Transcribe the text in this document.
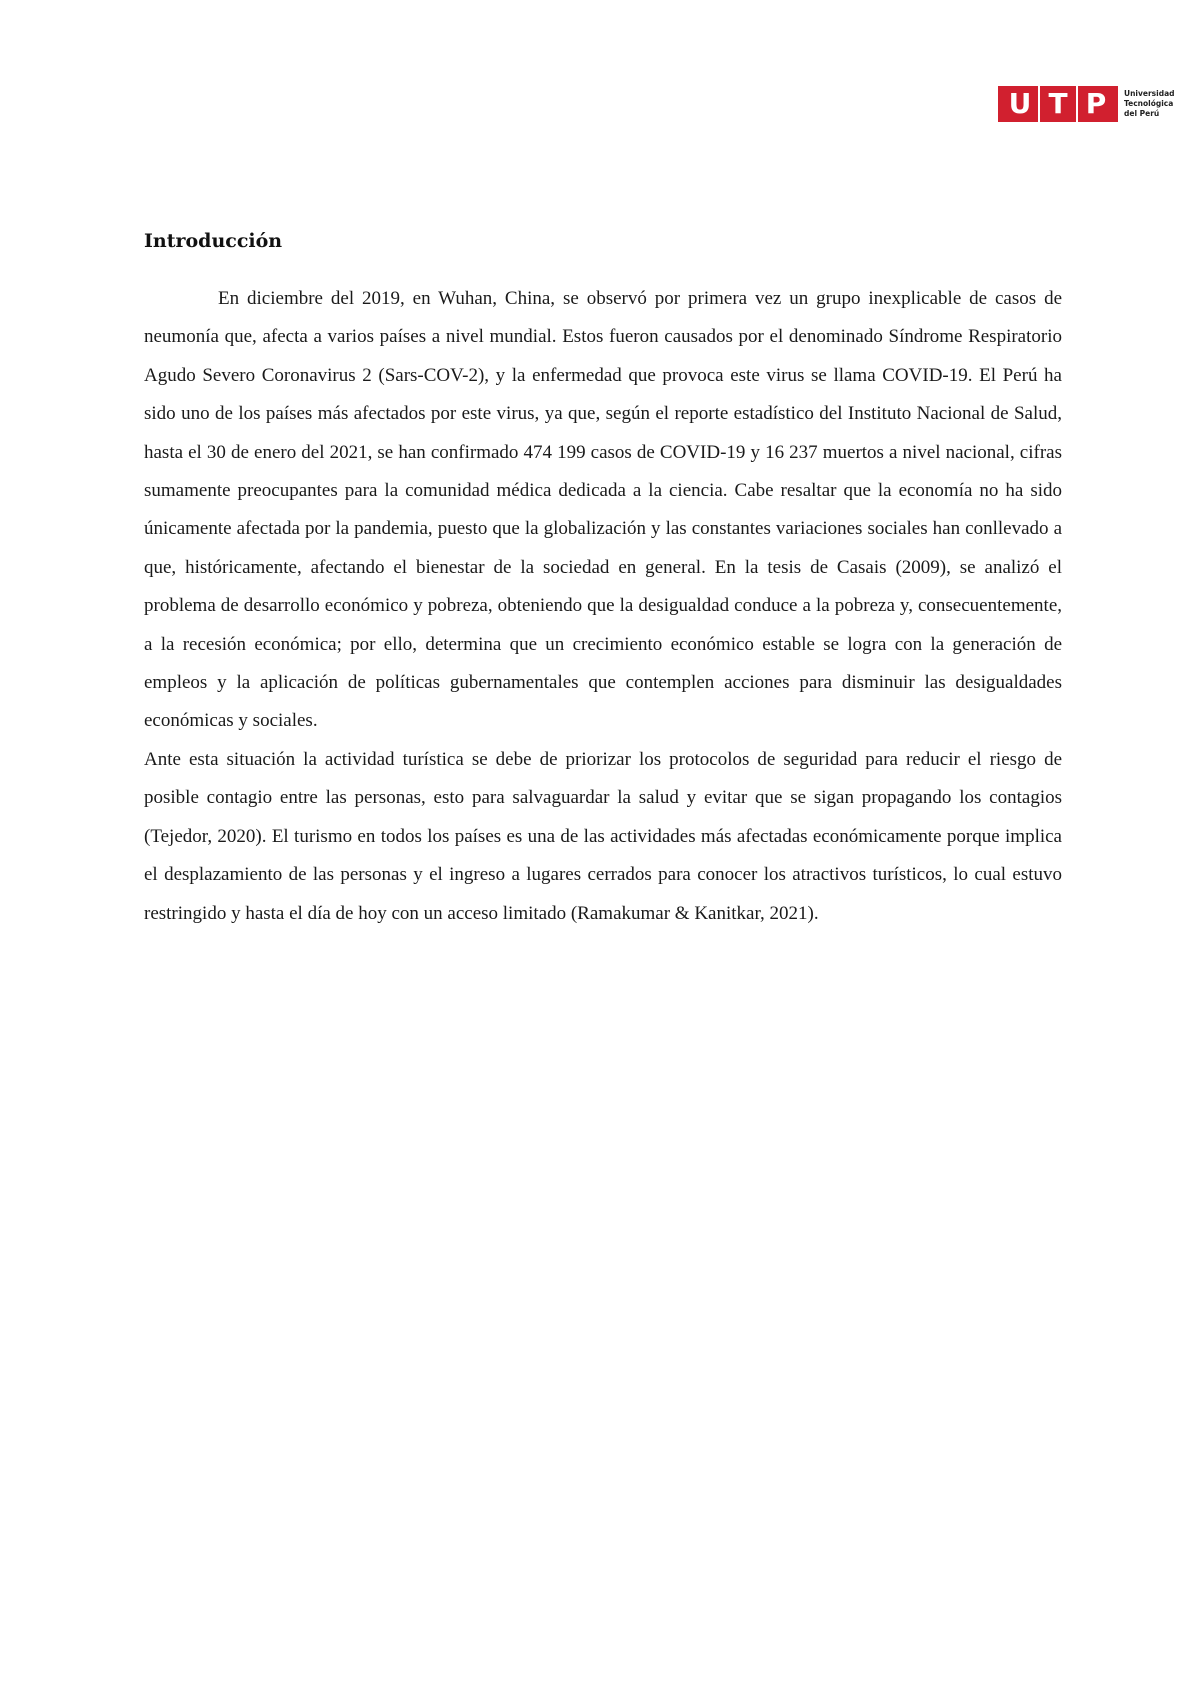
U T P	Universidad
Tecnológica
del Perú
Introducción

En diciembre del 2019, en Wuhan, China, se observó por primera vez un grupo inexplicable de casos de neumonía que, afecta a varios países a nivel mundial. Estos fueron causados por el denominado Síndrome Respiratorio Agudo Severo Coronavirus 2 (Sars-COV-2), y la enfermedad que provoca este virus se llama COVID-19. El Perú ha sido uno de los países más afectados por este virus, ya que, según el reporte estadístico del Instituto Nacional de Salud, hasta el 30 de enero del 2021, se han confirmado 474 199 casos de COVID-19 y 16 237 muertos a nivel nacional, cifras sumamente preocupantes para la comunidad médica dedicada a la ciencia. Cabe resaltar que la economía no ha sido únicamente afectada por la pandemia, puesto que la globalización y las constantes variaciones sociales han conllevado a que, históricamente, afectando el bienestar de la sociedad en general. En la tesis de Casais (2009), se analizó el problema de desarrollo económico y pobreza, obteniendo que la desigualdad conduce a la pobreza y, consecuentemente, a la recesión económica; por ello, determina que un crecimiento económico estable se logra con la generación de empleos y la aplicación de políticas gubernamentales que contemplen acciones para disminuir las desigualdades económicas y sociales.

Ante esta situación la actividad turística se debe de priorizar los protocolos de seguridad para reducir el riesgo de posible contagio entre las personas, esto para salvaguardar la salud y evitar que se sigan propagando los contagios (Tejedor, 2020). El turismo en todos los países es una de las actividades más afectadas económicamente porque implica el desplazamiento de las personas y el ingreso a lugares cerrados para conocer los atractivos turísticos, lo cual estuvo restringido y hasta el día de hoy con un acceso limitado (Ramakumar & Kanitkar, 2021).
